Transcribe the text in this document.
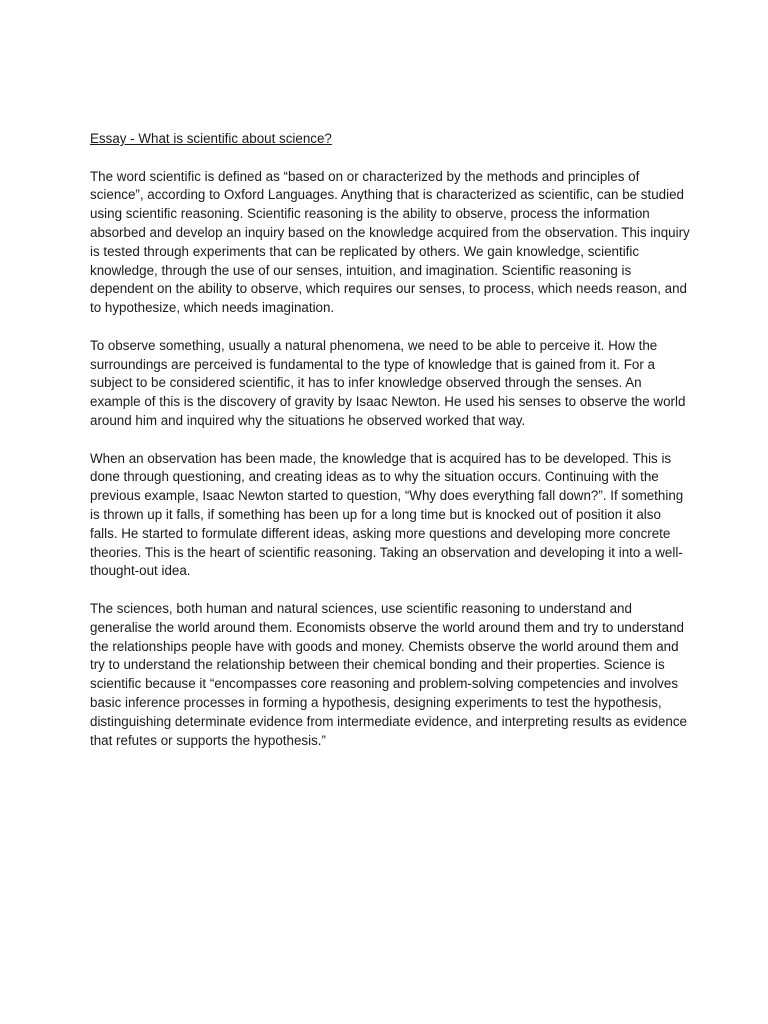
Essay - What is scientific about science?

The word scientific is defined as “based on or characterized by the methods and principles of science”, according to Oxford Languages. Anything that is characterized as scientific, can be studied using scientific reasoning. Scientific reasoning is the ability to observe, process the information absorbed and develop an inquiry based on the knowledge acquired from the observation. This inquiry is tested through experiments that can be replicated by others. We gain knowledge, scientific knowledge, through the use of our senses, intuition, and imagination. Scientific reasoning is dependent on the ability to observe, which requires our senses, to process, which needs reason, and to hypothesize, which needs imagination.

To observe something, usually a natural phenomena, we need to be able to perceive it. How the surroundings are perceived is fundamental to the type of knowledge that is gained from it. For a subject to be considered scientific, it has to infer knowledge observed through the senses. An example of this is the discovery of gravity by Isaac Newton. He used his senses to observe the world around him and inquired why the situations he observed worked that way.

When an observation has been made, the knowledge that is acquired has to be developed. This is done through questioning, and creating ideas as to why the situation occurs. Continuing with the previous example, Isaac Newton started to question, “Why does everything fall down?”. If something is thrown up it falls, if something has been up for a long time but is knocked out of position it also falls. He started to formulate different ideas, asking more questions and developing more concrete theories. This is the heart of scientific reasoning. Taking an observation and developing it into a well-thought-out idea.

The sciences, both human and natural sciences, use scientific reasoning to understand and generalise the world around them. Economists observe the world around them and try to understand the relationships people have with goods and money. Chemists observe the world around them and try to understand the relationship between their chemical bonding and their properties. Science is scientific because it “encompasses core reasoning and problem-solving competencies and involves basic inference processes in forming a hypothesis, designing experiments to test the hypothesis, distinguishing determinate evidence from intermediate evidence, and interpreting results as evidence that refutes or supports the hypothesis.”
